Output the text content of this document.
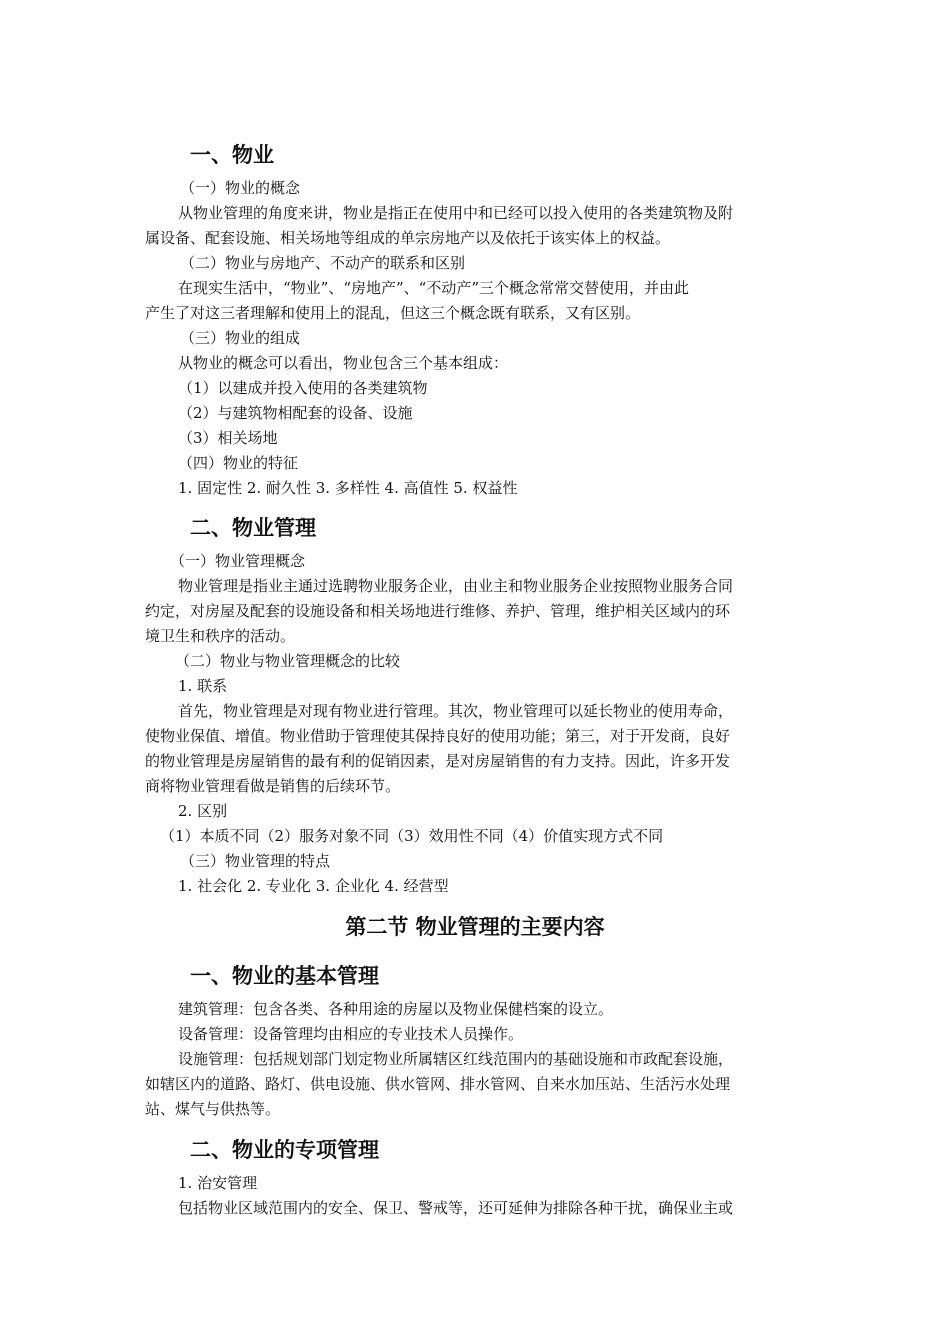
一、物业
（一）物业的概念
从物业管理的角度来讲，物业是指正在使用中和已经可以投入使用的各类建筑物及附
属设备、配套设施、相关场地等组成的单宗房地产以及依托于该实体上的权益。
（二）物业与房地产、不动产的联系和区别
在现实生活中，“物业”、“房地产”、“不动产”三个概念常常交替使用，并由此
产生了对这三者理解和使用上的混乱，但这三个概念既有联系，又有区别。
（三）物业的组成
从物业的概念可以看出，物业包含三个基本组成：
（1）以建成并投入使用的各类建筑物
（2）与建筑物相配套的设备、设施
（3）相关场地
（四）物业的特征
1. 固定性 2. 耐久性 3. 多样性 4. 高值性 5. 权益性
二、物业管理
（一）物业管理概念
物业管理是指业主通过选聘物业服务企业，由业主和物业服务企业按照物业服务合同
约定，对房屋及配套的设施设备和相关场地进行维修、养护、管理，维护相关区域内的环
境卫生和秩序的活动。
（二）物业与物业管理概念的比较
1. 联系
首先，物业管理是对现有物业进行管理。其次，物业管理可以延长物业的使用寿命，
使物业保值、增值。物业借助于管理使其保持良好的使用功能；第三，对于开发商，良好
的物业管理是房屋销售的最有利的促销因素，是对房屋销售的有力支持。因此，许多开发
商将物业管理看做是销售的后续环节。
2. 区别
（1）本质不同（2）服务对象不同（3）效用性不同（4）价值实现方式不同
（三）物业管理的特点
1. 社会化 2. 专业化 3. 企业化 4. 经营型
第二节 物业管理的主要内容
一、物业的基本管理
建筑管理：包含各类、各种用途的房屋以及物业保健档案的设立。
设备管理：设备管理均由相应的专业技术人员操作。
设施管理：包括规划部门划定物业所属辖区红线范围内的基础设施和市政配套设施，
如辖区内的道路、路灯、供电设施、供水管网、排水管网、自来水加压站、生活污水处理
站、煤气与供热等。
二、物业的专项管理
1. 治安管理
包括物业区域范围内的安全、保卫、警戒等，还可延伸为排除各种干扰，确保业主或
